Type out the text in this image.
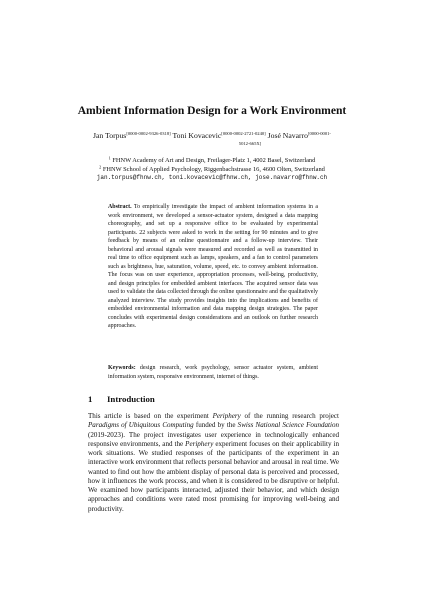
Ambient Information Design for a Work Environment
Jan Torpus[0000-0002-9326-0318] Toni Kovacevic[0000-0002-2721-0240] José Navarro$^{[0000-0001-}$
5012-665X]
$^1$ FHNW Academy of Art and Design, Freilager-Platz 1, 4002 Basel, Switzerland
$^2$ FHNW School of Applied Psychology, Riggenbachstrasse 16, 4600 Olten, Switzerland
jan.torpus@fhnw.ch, toni.kovacevic@fhnw.ch, jose.navarro@fhnw.ch

Abstract. To empirically investigate the impact of ambient information systems in a work environment, we developed a sensor-actuator system, designed a data mapping choreography, and set up a responsive office to be evaluated by experimental participants. 22 subjects were asked to work in the setting for 90 minutes and to give feedback by means of an online questionnaire and a follow-up interview. Their behavioral and arousal signals were measured and recorded as well as transmitted in real time to office equipment such as lamps, speakers, and a fan to control parameters such as brightness, hue, saturation, volume, speed, etc. to convey ambient information. The focus was on user experience, appropriation processes, well-being, productivity, and design principles for embedded ambient interfaces. The acquired sensor data was used to validate the data collected through the online questionnaire and the qualitatively analyzed interview. The study provides insights into the implications and benefits of embedded environmental information and data mapping design strategies. The paper concludes with experimental design considerations and an outlook on further research approaches.

Keywords: design research, work psychology, sensor actuator system, ambient information system, responsive environment, internet of things.
1 Introduction

This article is based on the experiment Periphery of the running research project Paradigms of Ubiquitous Computing funded by the Swiss National Science Foundation (2019-2023). The project investigates user experience in technologically enhanced responsive environments, and the Periphery experiment focuses on their applicability in work situations. We studied responses of the participants of the experiment in an interactive work environment that reflects personal behavior and arousal in real time. We wanted to find out how the ambient display of personal data is perceived and processed, how it influences the work process, and when it is considered to be disruptive or helpful. We examined how participants interacted, adjusted their behavior, and which design approaches and conditions were rated most promising for improving well-being and productivity.
